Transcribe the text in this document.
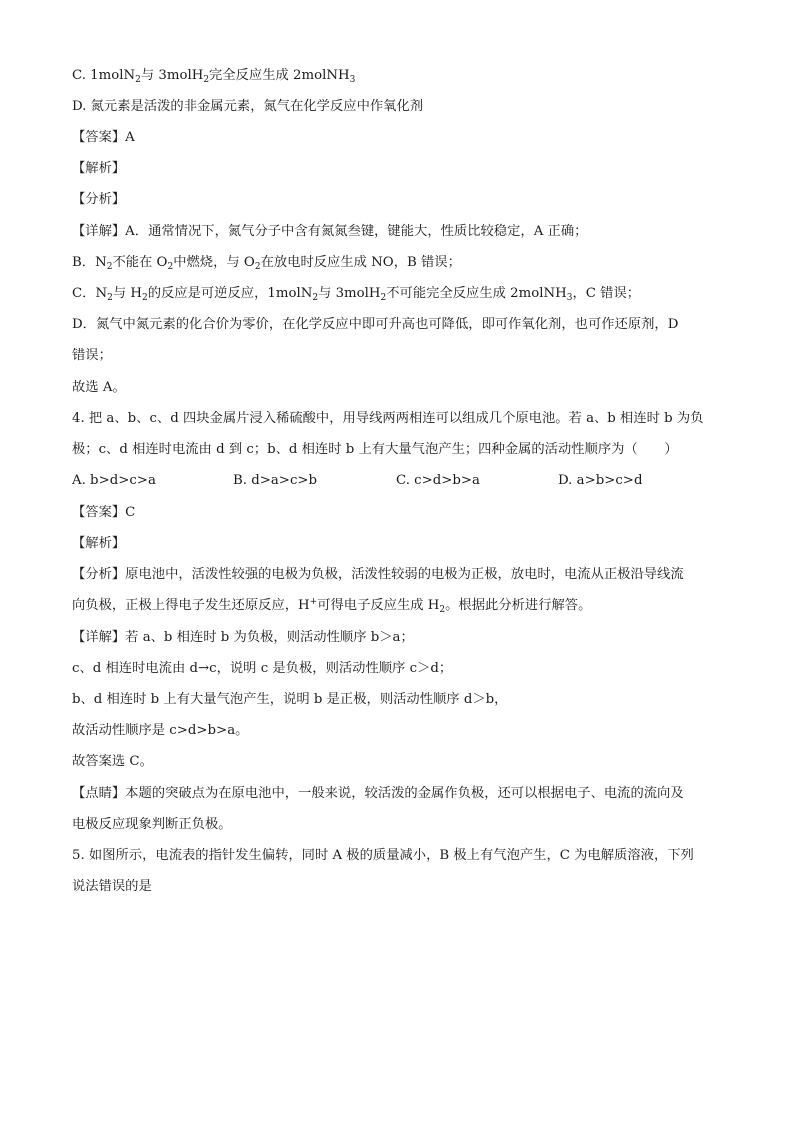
C. 1molN$_2$与 3molH$_2$完全反应生成 2molNH$_3$
D. 氮元素是活泼的非金属元素，氮气在化学反应中作氧化剂
【答案】A
【解析】
【分析】
【详解】A．通常情况下，氮气分子中含有氮氮叁键，键能大，性质比较稳定，A 正确；
B．$N_2$不能在 $O_2$中燃烧，与 $O_2$在放电时反应生成 NO，B 错误；
C．$N_2$与 $H_2$的反应是可逆反应，1molN$_2$与 3molH$_2$不可能完全反应生成 2molNH$_3$，C 错误；
D．氮气中氮元素的化合价为零价，在化学反应中即可升高也可降低，即可作氧化剂，也可作还原剂，D
错误；
故选 A。
4. 把 a、b、c、d 四块金属片浸入稀硫酸中，用导线两两相连可以组成几个原电池。若 a、b 相连时 b 为负
极；c、d 相连时电流由 d 到 c；b、d 相连时 b 上有大量气泡产生；四种金属的活动性顺序为（　　）
A. b>d>c>a	B. d>a>c>b	C. c>d>b>a	D. a>b>c>d
【答案】C
【解析】
【分析】原电池中，活泼性较强的电极为负极，活泼性较弱的电极为正极，放电时，电流从正极沿导线流
向负极，正极上得电子发生还原反应，H+可得电子反应生成 $H_2$。根据此分析进行解答。
【详解】若 a、b 相连时 b 为负极，则活动性顺序 b＞a；
c、d 相连时电流由 d→c，说明 c 是负极，则活动性顺序 c＞d；
b、d 相连时 b 上有大量气泡产生，说明 b 是正极，则活动性顺序 d＞b，
故活动性顺序是 c>d>b>a。
故答案选 C。
【点睛】本题的突破点为在原电池中，一般来说，较活泼的金属作负极，还可以根据电子、电流的流向及
电极反应现象判断正负极。
5. 如图所示，电流表的指针发生偏转，同时 A 极的质量减小，B 极上有气泡产生，C 为电解质溶液，下列
说法错误的是
